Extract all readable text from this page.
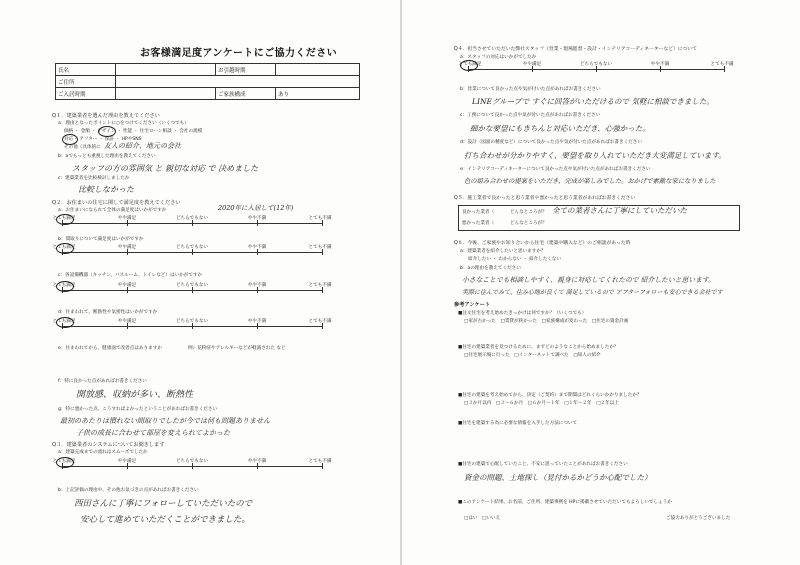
お客様満足度アンケートにご協力ください
氏名		お引越時期	
ご住所			
ご入居時期		ご家族構成	あり
Q１．建築業者を選んだ理由を教えてください
a：理由となったポイントに○をつけてください（いくつでも）
価格 ・ 金額 ・ デザイン ・ 性能 ・ 住宅ローン相談 ・ 会社の規模
対応・ アフター ・ 保証 ・ HPやSNS
その他（具体的に 友人の紹介、地元の会社
b：aでもっとも重視した理由を教えてください
スタッフの方の雰囲気 と 親切な対応 で 決めました
c：建築業者を比較検討しましたか
比較しなかった
Q２．お住まいの住宅に関して満足度を教えてください
a：お住まいになられて全体の満足度はいかがですか	2020年に入居して(12年)
とても満足	やや満足	どちらでもない	やや不満	とても不満
b：間取りについて満足度はいかがですか
とても満足	やや満足	どちらでもない	やや不満	とても不満
c：各設備機器（キッチン、バスルーム、トイレなど）はいかがですか
とても満足	やや満足	どちらでもない	やや不満	とても不満
d：住まわれて、断熱性や気密性はいかがですか
とても満足	やや満足	どちらでもない	やや不満	とても不満
e：住まわれてから、健康面で改善点はありますか	例）花粉症やアレルギーなどが軽減された など
f：特に良かった点があればお書きください
開放感、収納が多い、断熱性
g：特に悪かった点、こうすればよかったということがあればお書きください
最初のあたりは慣れない間取りでしたが今では何も問題ありません
子供の成長に合わせて部屋を変えられてよかった
Q３．建築業者のシステムについてお聞きします
a：建築完成までの流れはスムーズでしたか
とても満足	やや満足	どちらでもない	やや不満	とても不満
b：上記評価の理由や、その他お気づきの点があればお書きください
西田さんに丁寧にフォローしていただいたので
安心して進めていただくことができました。
Q４．担当させていただいた弊社スタッフ（営業・現場監督・設計・インテリアコーディネーターなど）について
a：スタッフの対応はいかがでしたか
とても満足	やや満足	どちらでもない	やや不満	とても不満
b：営業について良かった点や気が付いた点があればお書きください
LINEグループで すぐに回答がいただけるので 気軽に相談できました。
c：工務について良かった点や気が付いた点があればお書きください
細かな要望にもきちんと対応いただき、心強かった。
d：設計（図面の精度など）について良かった点や気が付いた点があればお書きください
打ち合わせが分かりやすく、要望を取り入れていただき大変満足しています。
e：インテリアコーディネーターについて良かった点や気が付いた点があればお書きください
色の組み合わせの提案をいただき、完成が楽しみでした。おかげで素敵な家になりました
Q５．施工業者で良かったと思う業者や悪かったと思う業者があればお書きください
良かった業者（	どんなところが？ 全ての業者さんに丁寧にしていただいた
悪かった業者（	どんなところが？
Q６．今後、ご家族やお知り合いから住宅（建築や購入など）のご相談があった時
a：建築業者を紹介したいと思いますか？
紹介したい ・ わからない ・ 紹介したくない
b：aの理由を教えてください
小さなことでも相談しやすく、親身に対応してくれたので 紹介したいと思います。
実際に住んでみて、住み心地が良くて 満足しているので アフターフォローも安心できる会社です
参考アンケート
■注文住宅を考え始めたきっかけは何ですか？（いくつでも）
□家が古かった　□賃貸が狭かった　□家族構成が変わった　□住宅の資金計画
■住宅の建築業者を見つけるために、まずどのようなことから始めましたか？
□住宅展示場に行った　□インターネットで調べた　□知人の紹介
■住宅の建築を考え始めてから、決定（ご契約）まで期間はどれくらいかかりましたか？
□３か月以内　□３〜６か月　□６か月〜１年　□１年〜２年　□２年以上
■住宅を建築する為に必要な情報を入手した方法について
■住宅の建築で心配していたこと、不安に思っていたことがあればお書きください
資金の問題、土地探し（見付かるかどうか心配でした）
■このアンケート結果、お名前、ご住所、建築事例を HPに掲載させていただいてもよろしいでしょうか
□はい　□いいえ	ご協力ありがとうございました
